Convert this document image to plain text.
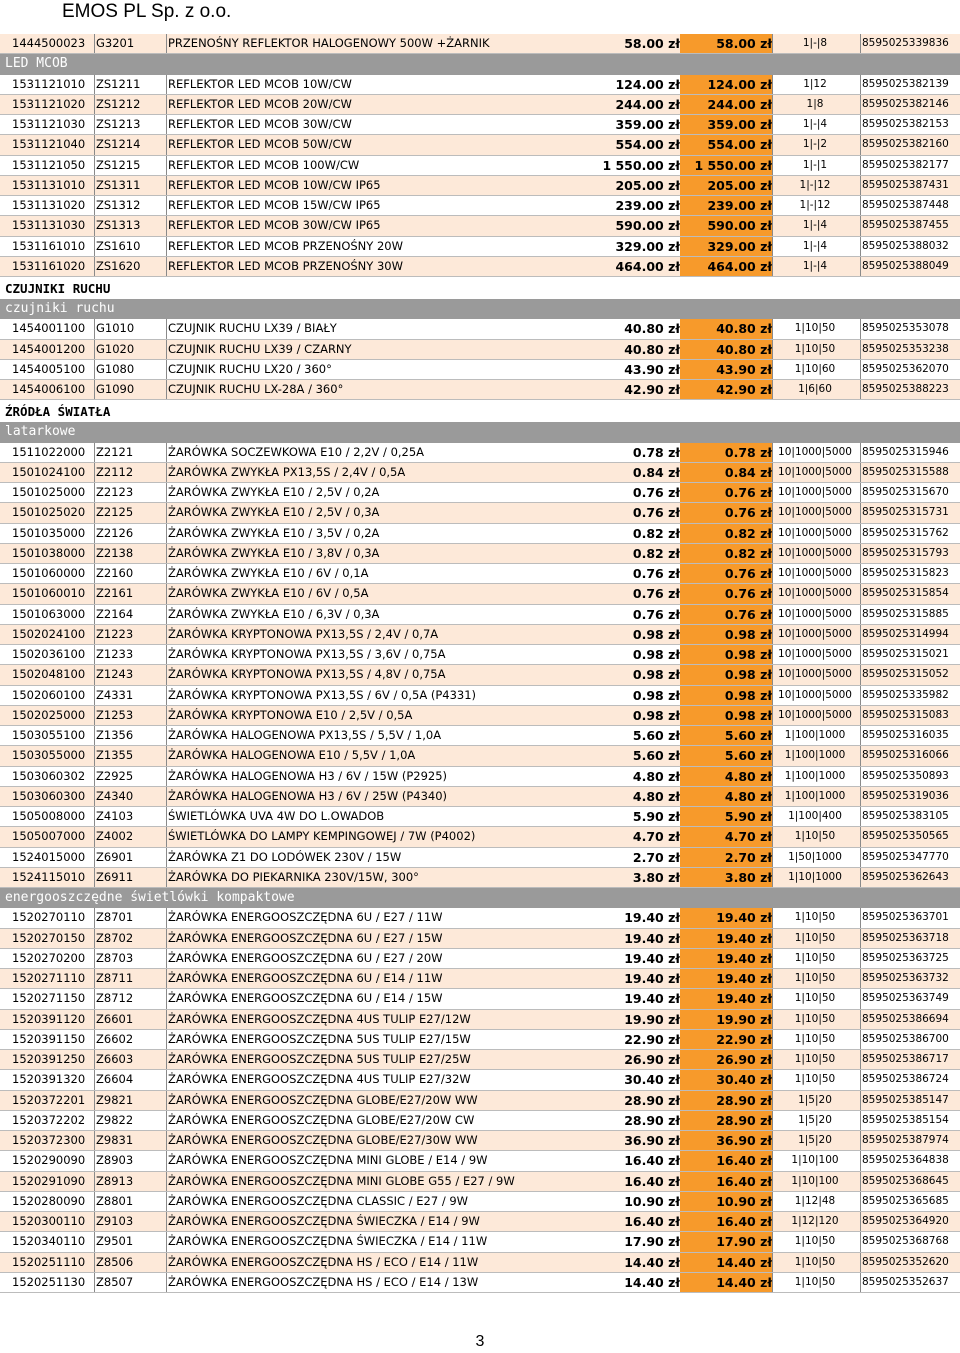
EMOS PL Sp. z o.o.
1444500023 G3201	PRZENOŚNY REFLEKTOR HALOGENOWY 500W +ŻARNIK	58.00 zł	58.00 zł	1|-|8	8595025339836
LED MCOB
1531121010 ZS1211	REFLEKTOR LED MCOB 10W/CW	124.00 zł	124.00 zł	1|12	8595025382139
1531121020 ZS1212	REFLEKTOR LED MCOB 20W/CW	244.00 zł	244.00 zł	1|8	8595025382146
1531121030 ZS1213	REFLEKTOR LED MCOB 30W/CW	359.00 zł	359.00 zł	1|-|4	8595025382153
1531121040 ZS1214	REFLEKTOR LED MCOB 50W/CW	554.00 zł	554.00 zł	1|-|2	8595025382160
1531121050 ZS1215	REFLEKTOR LED MCOB 100W/CW	1 550.00 zł	1 550.00 zł	1|-|1	8595025382177
1531131010 ZS1311	REFLEKTOR LED MCOB 10W/CW IP65	205.00 zł	205.00 zł	1|-|12	8595025387431
1531131020 ZS1312	REFLEKTOR LED MCOB 15W/CW IP65	239.00 zł	239.00 zł	1|-|12	8595025387448
1531131030 ZS1313	REFLEKTOR LED MCOB 30W/CW IP65	590.00 zł	590.00 zł	1|-|4	8595025387455
1531161010 ZS1610	REFLEKTOR LED MCOB PRZENOŚNY 20W	329.00 zł	329.00 zł	1|-|4	8595025388032
1531161020 ZS1620	REFLEKTOR LED MCOB PRZENOŚNY 30W	464.00 zł	464.00 zł	1|-|4	8595025388049
CZUJNIKI RUCHU
czujniki ruchu
1454001100 G1010	CZUJNIK RUCHU LX39 / BIAŁY	40.80 zł	40.80 zł	1|10|50	8595025353078
1454001200 G1020	CZUJNIK RUCHU LX39 / CZARNY	40.80 zł	40.80 zł	1|10|50	8595025353238
1454005100 G1080	CZUJNIK RUCHU LX20 / 360°	43.90 zł	43.90 zł	1|10|60	8595025362070
1454006100 G1090	CZUJNIK RUCHU LX-28A / 360°	42.90 zł	42.90 zł	1|6|60	8595025388223
ŹRÓDŁA ŚWIATŁA
latarkowe
1511022000 Z2121	ŻARÓWKA SOCZEWKOWA E10 / 2,2V / 0,25A	0.78 zł	0.78 zł 10|1000|5000 8595025315946
1501024100 Z2112	ŻARÓWKA ZWYKŁA PX13,5S / 2,4V / 0,5A	0.84 zł	0.84 zł 10|1000|5000 8595025315588
1501025000 Z2123	ŻARÓWKA ZWYKŁA E10 / 2,5V / 0,2A	0.76 zł	0.76 zł 10|1000|5000 8595025315670
1501025020 Z2125	ŻARÓWKA ZWYKŁA E10 / 2,5V / 0,3A	0.76 zł	0.76 zł 10|1000|5000 8595025315731
1501035000 Z2126	ŻARÓWKA ZWYKŁA E10 / 3,5V / 0,2A	0.82 zł	0.82 zł 10|1000|5000 8595025315762
1501038000 Z2138	ŻARÓWKA ZWYKŁA E10 / 3,8V / 0,3A	0.82 zł	0.82 zł 10|1000|5000 8595025315793
1501060000 Z2160	ŻARÓWKA ZWYKŁA E10 / 6V / 0,1A	0.76 zł	0.76 zł 10|1000|5000 8595025315823
1501060010 Z2161	ŻARÓWKA ZWYKŁA E10 / 6V / 0,5A	0.76 zł	0.76 zł 10|1000|5000 8595025315854
1501063000 Z2164	ŻARÓWKA ZWYKŁA E10 / 6,3V / 0,3A	0.76 zł	0.76 zł 10|1000|5000 8595025315885
1502024100 Z1223	ŻARÓWKA KRYPTONOWA PX13,5S / 2,4V / 0,7A	0.98 zł	0.98 zł 10|1000|5000 8595025314994
1502036100 Z1233	ŻARÓWKA KRYPTONOWA PX13,5S / 3,6V / 0,75A	0.98 zł	0.98 zł 10|1000|5000 8595025315021
1502048100 Z1243	ŻARÓWKA KRYPTONOWA PX13,5S / 4,8V / 0,75A	0.98 zł	0.98 zł 10|1000|5000 8595025315052
1502060100 Z4331	ŻARÓWKA KRYPTONOWA PX13,5S / 6V / 0,5A (P4331)	0.98 zł	0.98 zł 10|1000|5000 8595025335982
1502025000 Z1253	ŻARÓWKA KRYPTONOWA E10 / 2,5V / 0,5A	0.98 zł	0.98 zł 10|1000|5000 8595025315083
1503055100 Z1356	ŻARÓWKA HALOGENOWA PX13,5S / 5,5V / 1,0A	5.60 zł	5.60 zł	1|100|1000	8595025316035
1503055000 Z1355	ŻARÓWKA HALOGENOWA E10 / 5,5V / 1,0A	5.60 zł	5.60 zł	1|100|1000	8595025316066
1503060302 Z2925	ŻARÓWKA HALOGENOWA H3 / 6V / 15W (P2925)	4.80 zł	4.80 zł	1|100|1000	8595025350893
1503060300 Z4340	ŻARÓWKA HALOGENOWA H3 / 6V / 25W (P4340)	4.80 zł	4.80 zł	1|100|1000	8595025319036
1505008000 Z4103	ŚWIETLÓWKA UVA 4W DO L.OWADOB	5.90 zł	5.90 zł	1|100|400	8595025383105
1505007000 Z4002	ŚWIETLÓWKA DO LAMPY KEMPINGOWEJ / 7W (P4002)	4.70 zł	4.70 zł	1|10|50	8595025350565
1524015000 Z6901	ŻARÓWKA Z1 DO LODÓWEK 230V / 15W	2.70 zł	2.70 zł	1|50|1000	8595025347770
1524115010 Z6911	ŻARÓWKA DO PIEKARNIKA 230V/15W, 300°	3.80 zł	3.80 zł	1|10|1000	8595025362643
energooszczędne świetlówki kompaktowe
1520270110 Z8701	ŻARÓWKA ENERGOOSZCZĘDNA 6U / E27 / 11W	19.40 zł	19.40 zł	1|10|50	8595025363701
1520270150 Z8702	ŻARÓWKA ENERGOOSZCZĘDNA 6U / E27 / 15W	19.40 zł	19.40 zł	1|10|50	8595025363718
1520270200 Z8703	ŻARÓWKA ENERGOOSZCZĘDNA 6U / E27 / 20W	19.40 zł	19.40 zł	1|10|50	8595025363725
1520271110 Z8711	ŻARÓWKA ENERGOOSZCZĘDNA 6U / E14 / 11W	19.40 zł	19.40 zł	1|10|50	8595025363732
1520271150 Z8712	ŻARÓWKA ENERGOOSZCZĘDNA 6U / E14 / 15W	19.40 zł	19.40 zł	1|10|50	8595025363749
1520391120 Z6601	ŻARÓWKA ENERGOOSZCZĘDNA 4US TULIP E27/12W	19.90 zł	19.90 zł	1|10|50	8595025386694
1520391150 Z6602	ŻARÓWKA ENERGOOSZCZĘDNA 5US TULIP E27/15W	22.90 zł	22.90 zł	1|10|50	8595025386700
1520391250 Z6603	ŻARÓWKA ENERGOOSZCZĘDNA 5US TULIP E27/25W	26.90 zł	26.90 zł	1|10|50	8595025386717
1520391320 Z6604	ŻARÓWKA ENERGOOSZCZĘDNA 4US TULIP E27/32W	30.40 zł	30.40 zł	1|10|50	8595025386724
1520372201 Z9821	ŻARÓWKA ENERGOOSZCZĘDNA GLOBE/E27/20W WW	28.90 zł	28.90 zł	1|5|20	8595025385147
1520372202 Z9822	ŻARÓWKA ENERGOOSZCZĘDNA GLOBE/E27/20W CW	28.90 zł	28.90 zł	1|5|20	8595025385154
1520372300 Z9831	ŻARÓWKA ENERGOOSZCZĘDNA GLOBE/E27/30W WW	36.90 zł	36.90 zł	1|5|20	8595025387974
1520290090 Z8903	ŻARÓWKA ENERGOOSZCZĘDNA MINI GLOBE / E14 / 9W	16.40 zł	16.40 zł	1|10|100	8595025364838
1520291090 Z8913	ŻARÓWKA ENERGOOSZCZĘDNA MINI GLOBE G55 / E27 / 9W	16.40 zł	16.40 zł	1|10|100	8595025368645
1520280090 Z8801	ŻARÓWKA ENERGOOSZCZĘDNA CLASSIC / E27 / 9W	10.90 zł	10.90 zł	1|12|48	8595025365685
1520300110 Z9103	ŻARÓWKA ENERGOOSZCZĘDNA ŚWIECZKA / E14 / 9W	16.40 zł	16.40 zł	1|12|120	8595025364920
1520340110 Z9501	ŻARÓWKA ENERGOOSZCZĘDNA ŚWIECZKA / E14 / 11W	17.90 zł	17.90 zł	1|10|50	8595025368768
1520251110 Z8506	ŻARÓWKA ENERGOOSZCZĘDNA HS / ECO / E14 / 11W	14.40 zł	14.40 zł	1|10|50	8595025352620
1520251130 Z8507	ŻARÓWKA ENERGOOSZCZĘDNA HS / ECO / E14 / 13W	14.40 zł	14.40 zł	1|10|50	8595025352637
3
